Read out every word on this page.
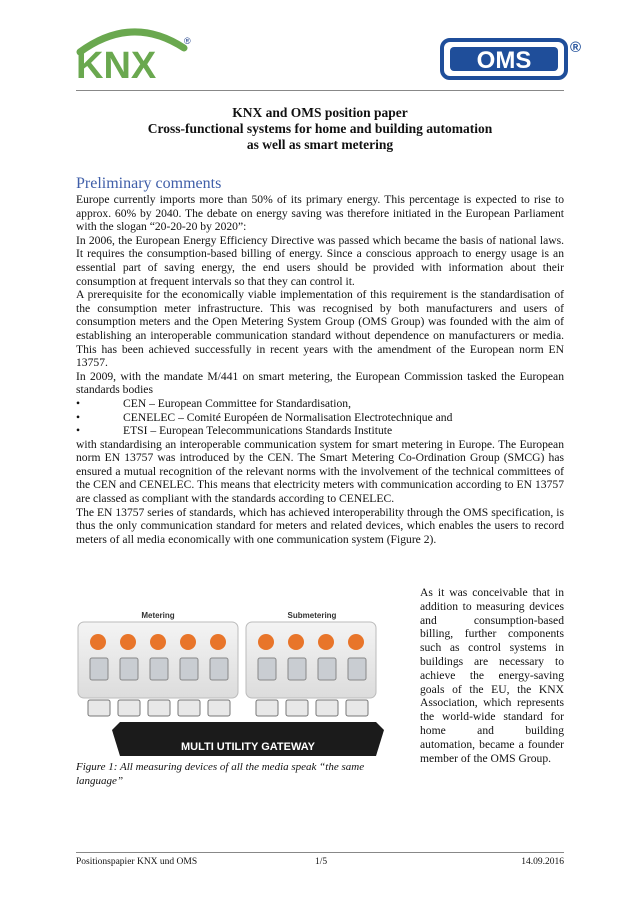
KNX
®
OMS	®
KNX and OMS position paper
Cross-functional systems for home and building automation
as well as smart metering
Preliminary comments

Europe currently imports more than 50% of its primary energy. This percentage is expected to rise to approx. 60% by 2040. The debate on energy saving was therefore initiated in the European Parliament with the slogan “20-20-20 by 2020”:

In 2006, the European Energy Efficiency Directive was passed which became the basis of national laws. It requires the consumption-based billing of energy. Since a conscious approach to energy usage is an essential part of saving energy, the end users should be provided with information about their consumption at frequent intervals so that they can control it.

A prerequisite for the economically viable implementation of this requirement is the standardisation of the consumption meter infrastructure. This was recognised by both manufacturers and users of consumption meters and the Open Metering System Group (OMS Group) was founded with the aim of establishing an interoperable communication standard without dependence on manufacturers or media. This has been achieved successfully in recent years with the amendment of the European norm EN 13757.

In 2009, with the mandate M/441 on smart metering, the European Commission tasked the European standards bodies

•	CEN – European Committee for Standardisation,
•	CENELEC – Comité Européen de Normalisation Electrotechnique and
•	ETSI – European Telecommunications Standards Institute

with standardising an interoperable communication system for smart metering in Europe. The European norm EN 13757 was introduced by the CEN. The Smart Metering Co-Ordination Group (SMCG) has ensured a mutual recognition of the relevant norms with the involvement of the technical committees of the CEN and CENELEC. This means that electricity meters with communication according to EN 13757 are classed as compliant with the standards according to CENELEC.

The EN 13757 series of standards, which has achieved interoperability through the OMS specification, is thus the only communication standard for meters and related devices, which enables the users to record meters of all media economically with one communication system (Figure 2).

As it was conceivable that in addition to measuring devices and consumption-based billing, further components such as control systems in buildings are necessary to achieve the energy-saving goals of the EU, the KNX Association, which represents the world-wide standard for home and building automation, became a founder member of the OMS Group.
Metering	Submetering
MULTI UTILITY GATEWAY
Figure 1: All measuring devices of all the media speak “the same language”
Positionspapier KNX und OMS	1/5	14.09.2016
